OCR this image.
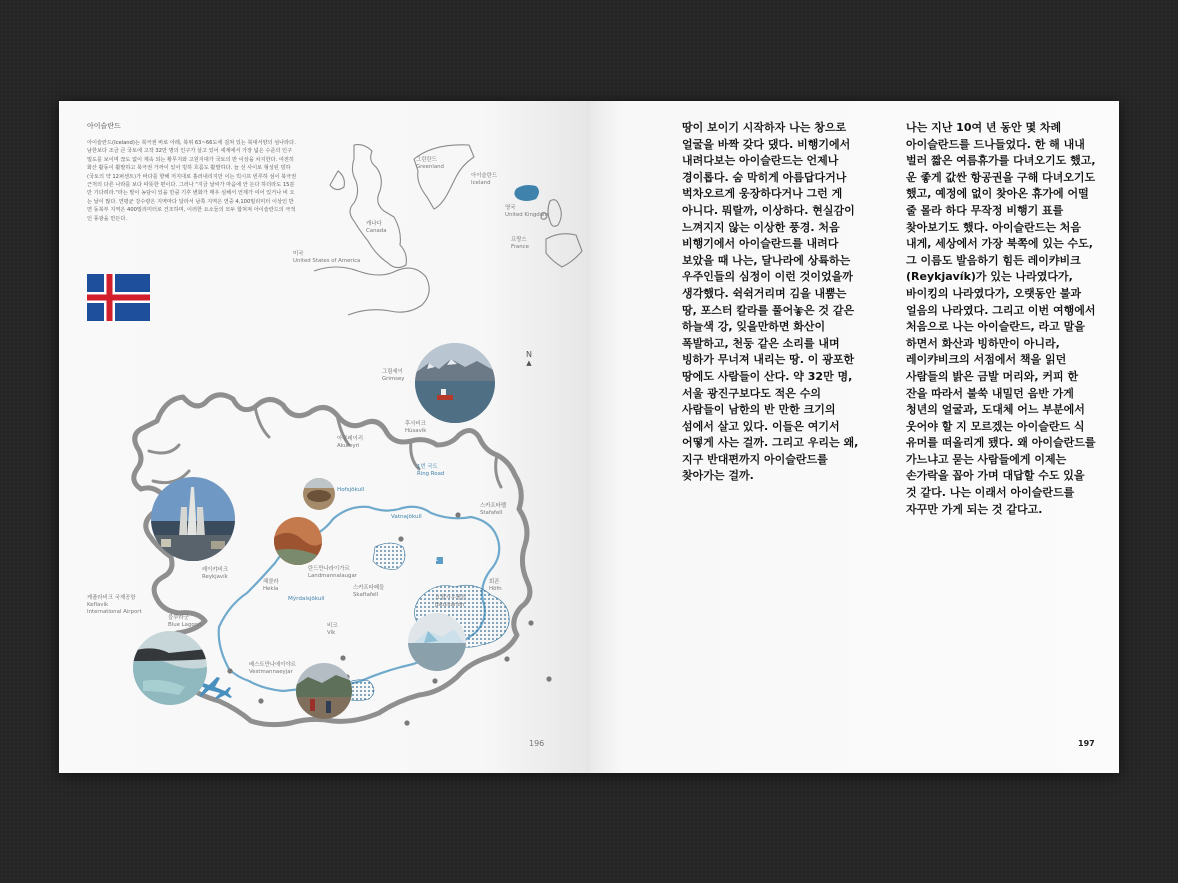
아이슬란드
아이슬란드(Iceland)는 북극권 바로 아래, 북위 63~66도에 걸쳐 있는 북대서양의 섬나라다. 남한보다 조금 큰 국토에 고작 32만 명의 인구가 살고 있어 세계에서 가장 넓은 수준의 인구 밀도를 보이며 끊도 없이 계속 되는 황무지와 고원지대가 국토의 반 이상을 차지한다. 여전히 화산 활동이 활발하고 북극권 가까이 있어 빙하 흐름도 활발하다. 늘 선 사이로 형성된 빙하(국토의 약 12퍼센트)가 바다를 향해 저지대로 흘러내리지만 이는 빅시프 빈루하 섬이 북극권 근처의 다른 나라를 보다 따뜻한 편이다. 그러나 "지금 날씨가 마음에 안 든다 하더라도 15분만 기다려라."라는 말이 농담이 있을 만큼 기후 변화가 매우 심해서 언제가 여어 있거나 비 오는 날이 많다. 연평균 강수량은 지역마다 달라서 남쪽 지역은 연중 4,100밀리미터 이상인 반면 동북부 지역은 400밀리미터로 건조하며, 이러한 요소들의 모두 합쳐져 아이슬란드의 극적인 풍광을 만든다.
그린란드
Greenland
아이슬란드
Iceland
영국
United Kingdom
프랑스
France
캐나다
Canada
미국
United States of America
N
▲
그림세이
Grimsey
후사비크
Húsavík
아쿠레이리
Akureyri
1번 국도
Ring Road
1
Hofsjökull
Vatnajökull
스카프타펠
Stafafell
레이캬비크
Reykjavík
란드만나라이가르
Landmannalaugar
헤클라
Hekla	스카프타페들
Skaftafell
회픈
Höfn
Mýrdalsjökull	요퀼사우롤른
Jökulsárlón
케플라비크 국제공항
Keflavík
International Airport
블루라군
Blue Lagoon	비크
Vík
베스트만나에이야르
Vestmannaeyjar
196
땅이 보이기 시작하자 나는 창으로 얼굴을 바짝 갖다 댔다. 비행기에서 내려다보는 아이슬란드는 언제나 경이롭다. 숨 막히게 아름답다거나 벅차오르게 웅장하다거나 그런 게 아니다. 뭐랄까, 이상하다. 현실감이 느껴지지 않는 이상한 풍경. 처음 비행기에서 아이슬란드를 내려다 보았을 때 나는, 달나라에 상륙하는 우주인들의 심정이 이런 것이었을까 생각했다. 쉭쉭거리며 김을 내뿜는 땅, 포스터 칼라를 풀어놓은 것 같은 하늘색 강, 잊을만하면 화산이 폭발하고, 천둥 같은 소리를 내며 빙하가 무너져 내리는 땅. 이 광포한 땅에도 사람들이 산다. 약 32만 명, 서울 광진구보다도 적은 수의 사람들이 남한의 반 만한 크기의 섬에서 살고 있다. 이들은 여기서 어떻게 사는 걸까. 그리고 우리는 왜, 지구 반대편까지 아이슬란드를 찾아가는 걸까.
나는 지난 10여 년 동안 몇 차례 아이슬란드를 드나들었다. 한 해 내내 벌러 짧은 여름휴가를 다녀오기도 했고, 운 좋게 값싼 항공권을 구해 다녀오기도 했고, 예정에 없이 찾아온 휴가에 어떨 줄 몰라 하다 무작정 비행기 표를 찾아보기도 했다. 아이슬란드는 처음 내게, 세상에서 가장 북쪽에 있는 수도, 그 이름도 발음하기 힘든 레이캬비크(Reykjavík)가 있는 나라였다가, 바이킹의 나라였다가, 오랫동안 불과 얼음의 나라였다. 그리고 이번 여행에서 처음으로 나는 아이슬란드, 라고 말을 하면서 화산과 빙하만이 아니라, 레이캬비크의 서점에서 책을 읽던 사람들의 밝은 금발 머리와, 커피 한 잔을 따라서 불쑥 내밀던 음반 가게 청년의 얼굴과, 도대체 어느 부분에서 웃어야 할 지 모르겠는 아이슬란드 식 유머를 떠올리게 됐다. 왜 아이슬란드를 가느냐고 묻는 사람들에게 이제는 손가락을 꼽아 가며 대답할 수도 있을 것 같다. 나는 이래서 아이슬란드를 자꾸만 가게 되는 것 같다고.
197
